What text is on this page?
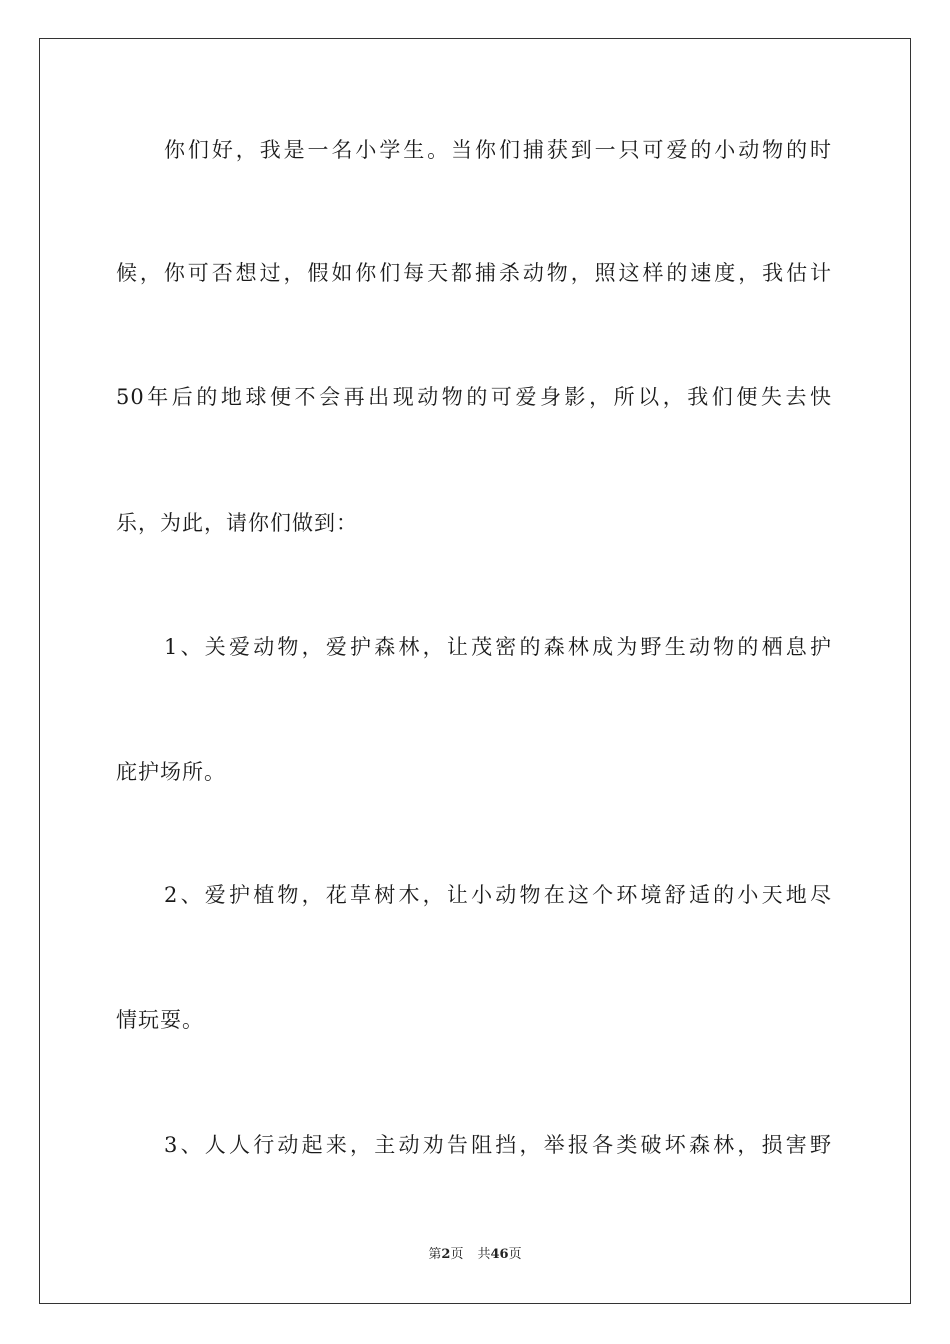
你们好，我是一名小学生。当你们捕获到一只可爱的小动物的时
候，你可否想过，假如你们每天都捕杀动物，照这样的速度，我估计
50年后的地球便不会再出现动物的可爱身影，所以，我们便失去快
乐，为此，请你们做到：
1、关爱动物，爱护森林，让茂密的森林成为野生动物的栖息护
庇护场所。
2、爱护植物，花草树木，让小动物在这个环境舒适的小天地尽
情玩耍。
3、人人行动起来，主动劝告阻挡，举报各类破坏森林，损害野
第2页 共46页
